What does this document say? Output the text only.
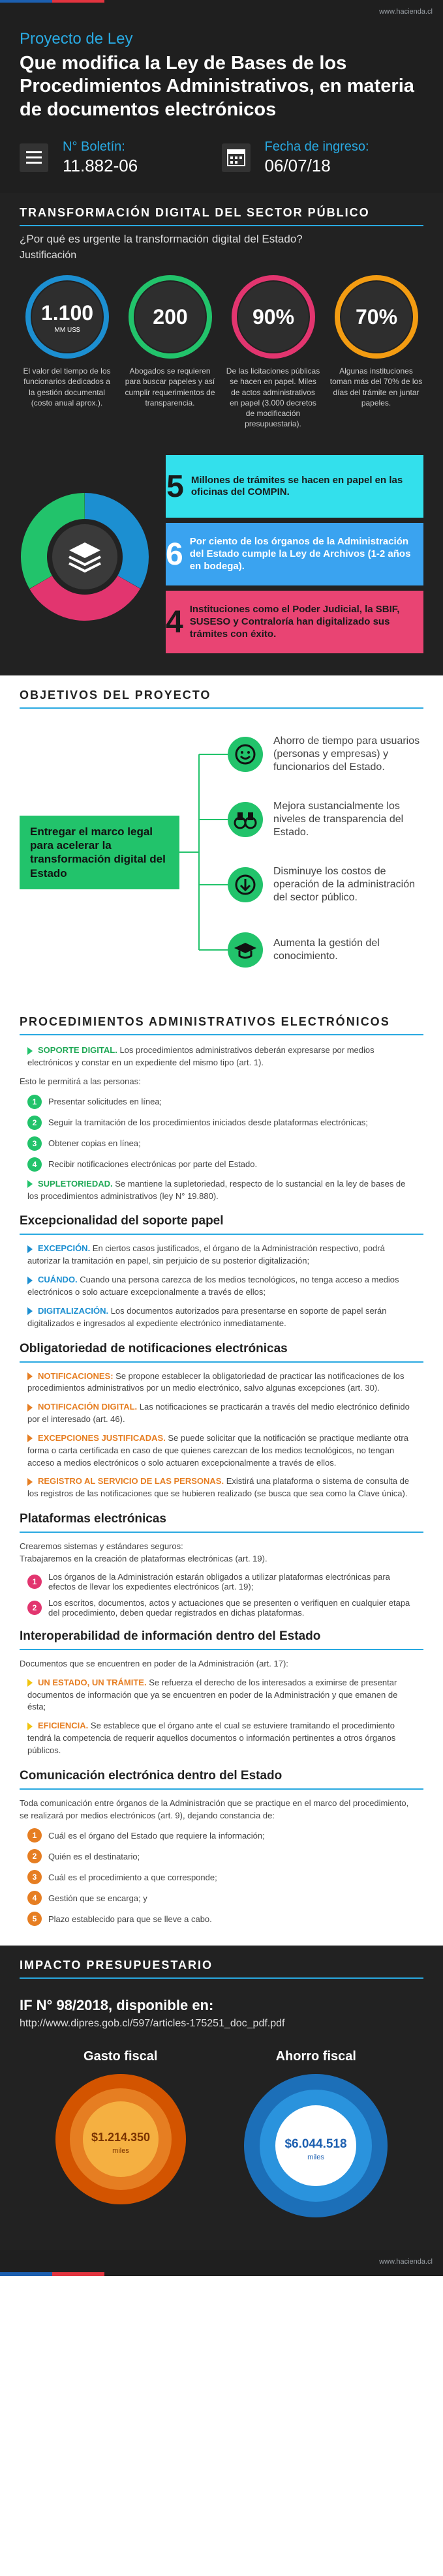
www.hacienda.cl
Proyecto de Ley
Que modifica la Ley de Bases de los Procedimientos Administrativos, en materia de documentos electrónicos
N° Boletín:
11.882-06
Fecha de ingreso:
06/07/18
TRANSFORMACIÓN DIGITAL DEL SECTOR PÚBLICO
¿Por qué es urgente la transformación digital del Estado?
Justificación
1.100
MM US$
El valor del tiempo de los funcionarios dedicados a la gestión documental (costo anual aprox.).
200
Abogados se requieren para buscar papeles y así cumplir requerimientos de transparencia.
90%
De las licitaciones públicas se hacen en papel. Miles de actos administrativos en papel (3.000 decretos de modificación presupuestaria).
70%
Algunas instituciones toman más del 70% de los días del trámite en juntar papeles.
5 Millones de trámites se hacen en papel en las oficinas del COMPIN.
6 Por ciento de los órganos de la Administración del Estado cumple la Ley de Archivos (1-2 años en bodega).
4 Instituciones como el Poder Judicial, la SBIF, SUSESO y Contraloría han digitalizado sus trámites con éxito.
OBJETIVOS DEL PROYECTO
Entregar el marco legal para acelerar la transformación digital del Estado
Ahorro de tiempo para usuarios (personas y empresas) y funcionarios del Estado.
Mejora sustancialmente los niveles de transparencia del Estado.
Disminuye los costos de operación de la administración del sector público.
Aumenta la gestión del conocimiento.
PROCEDIMIENTOS ADMINISTRATIVOS ELECTRÓNICOS
SOPORTE DIGITAL. Los procedimientos administrativos deberán expresarse por medios electrónicos y constar en un expediente del mismo tipo (art. 1).
Esto le permitirá a las personas:
1	Presentar solicitudes en línea;
2	Seguir la tramitación de los procedimientos iniciados desde plataformas electrónicas;
3	Obtener copias en línea;
4	Recibir notificaciones electrónicas por parte del Estado.
SUPLETORIEDAD. Se mantiene la supletoriedad, respecto de lo sustancial en la ley de bases de los procedimientos administrativos (ley N° 19.880).
Excepcionalidad del soporte papel
EXCEPCIÓN. En ciertos casos justificados, el órgano de la Administración respectivo, podrá autorizar la tramitación en papel, sin perjuicio de su posterior digitalización;
CUÁNDO. Cuando una persona carezca de los medios tecnológicos, no tenga acceso a medios electrónicos o solo actuare excepcionalmente a través de ellos;
DIGITALIZACIÓN. Los documentos autorizados para presentarse en soporte de papel serán digitalizados e ingresados al expediente electrónico inmediatamente.
Obligatoriedad de notificaciones electrónicas
NOTIFICACIONES: Se propone establecer la obligatoriedad de practicar las notificaciones de los procedimientos administrativos por un medio electrónico, salvo algunas excepciones (art. 30).
NOTIFICACIÓN DIGITAL. Las notificaciones se practicarán a través del medio electrónico definido por el interesado (art. 46).
EXCEPCIONES JUSTIFICADAS. Se puede solicitar que la notificación se practique mediante otra forma o carta certificada en caso de que quienes carezcan de los medios tecnológicos, no tengan acceso a medios electrónicos o solo actuaren excepcionalmente a través de ellos.
REGISTRO AL SERVICIO DE LAS PERSONAS. Existirá una plataforma o sistema de consulta de los registros de las notificaciones que se hubieren realizado (se busca que sea como la Clave única).
Plataformas electrónicas
Crearemos sistemas y estándares seguros:
Trabajaremos en la creación de plataformas electrónicas (art. 19).
1	Los órganos de la Administración estarán obligados a utilizar plataformas electrónicas para efectos de llevar los expedientes electrónicos (art. 19);
2	Los escritos, documentos, actos y actuaciones que se presenten o verifiquen en cualquier etapa del procedimiento, deben quedar registrados en dichas plataformas.
Interoperabilidad de información dentro del Estado
Documentos que se encuentren en poder de la Administración (art. 17):
UN ESTADO, UN TRÁMITE. Se refuerza el derecho de los interesados a eximirse de presentar documentos de información que ya se encuentren en poder de la Administración y que emanen de ésta;
EFICIENCIA. Se establece que el órgano ante el cual se estuviere tramitando el procedimiento tendrá la competencia de requerir aquellos documentos o información pertinentes a otros órganos públicos.
Comunicación electrónica dentro del Estado
Toda comunicación entre órganos de la Administración que se practique en el marco del procedimiento, se realizará por medios electrónicos (art. 9), dejando constancia de:
1	Cuál es el órgano del Estado que requiere la información;
2	Quién es el destinatario;
3	Cuál es el procedimiento a que corresponde;
4	Gestión que se encarga; y
5	Plazo establecido para que se lleve a cabo.
IMPACTO PRESUPUESTARIO
IF N° 98/2018, disponible en:
http://www.dipres.gob.cl/597/articles-175251_doc_pdf.pdf
Gasto fiscal
$1.214.350
miles
Ahorro fiscal
$6.044.518
miles
www.hacienda.cl
